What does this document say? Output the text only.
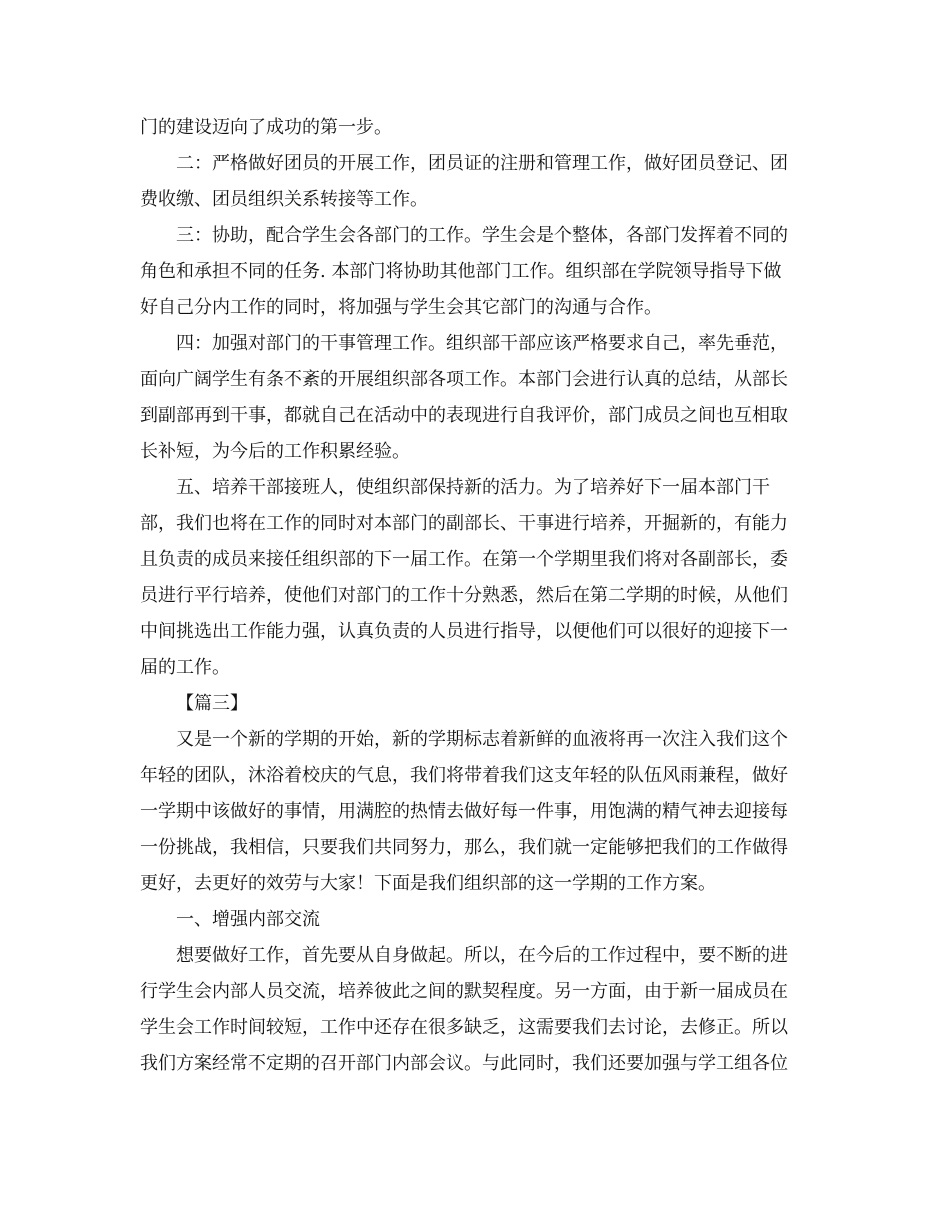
门的建设迈向了成功的第一步。
二：严格做好团员的开展工作，团员证的注册和管理工作，做好团员登记、团
费收缴、团员组织关系转接等工作。
三：协助，配合学生会各部门的工作。学生会是个整体，各部门发挥着不同的
角色和承担不同的任务. 本部门将协助其他部门工作。组织部在学院领导指导下做
好自己分内工作的同时，将加强与学生会其它部门的沟通与合作。
四：加强对部门的干事管理工作。组织部干部应该严格要求自己，率先垂范，
面向广阔学生有条不紊的开展组织部各项工作。本部门会进行认真的总结，从部长
到副部再到干事，都就自己在活动中的表现进行自我评价，部门成员之间也互相取
长补短，为今后的工作积累经验。
五、培养干部接班人，使组织部保持新的活力。为了培养好下一届本部门干
部，我们也将在工作的同时对本部门的副部长、干事进行培养，开掘新的，有能力
且负责的成员来接任组织部的下一届工作。在第一个学期里我们将对各副部长，委
员进行平行培养，使他们对部门的工作十分熟悉，然后在第二学期的时候，从他们
中间挑选出工作能力强，认真负责的人员进行指导，以便他们可以很好的迎接下一
届的工作。
【篇三】
又是一个新的学期的开始，新的学期标志着新鲜的血液将再一次注入我们这个
年轻的团队，沐浴着校庆的气息，我们将带着我们这支年轻的队伍风雨兼程，做好
一学期中该做好的事情，用满腔的热情去做好每一件事，用饱满的精气神去迎接每
一份挑战，我相信，只要我们共同努力，那么，我们就一定能够把我们的工作做得
更好，去更好的效劳与大家！下面是我们组织部的这一学期的工作方案。
一、增强内部交流
想要做好工作，首先要从自身做起。所以，在今后的工作过程中，要不断的进
行学生会内部人员交流，培养彼此之间的默契程度。另一方面，由于新一届成员在
学生会工作时间较短，工作中还存在很多缺乏，这需要我们去讨论，去修正。所以
我们方案经常不定期的召开部门内部会议。与此同时，我们还要加强与学工组各位
